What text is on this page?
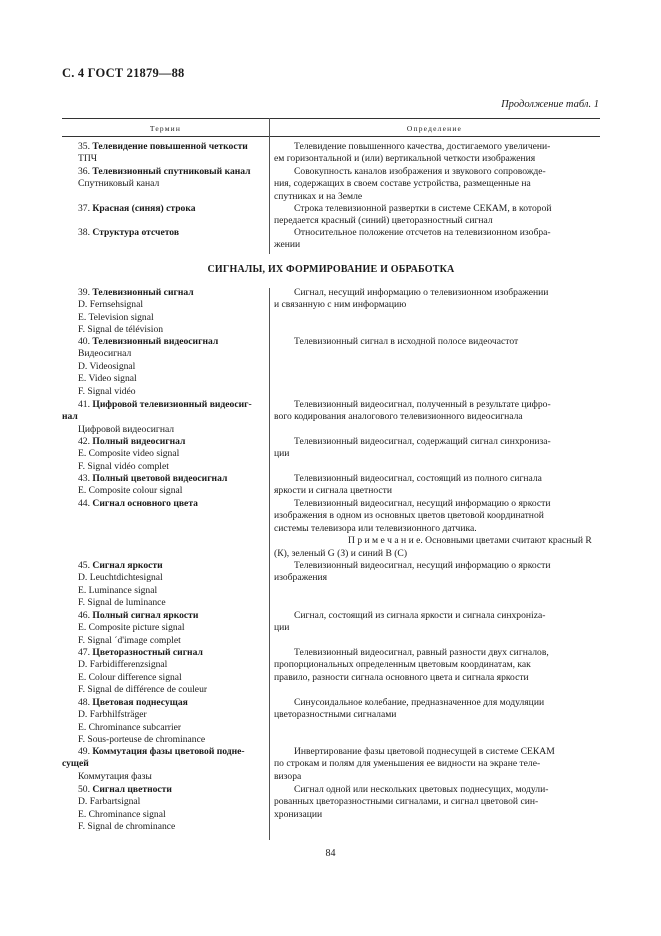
С. 4 ГОСТ 21879—88
Продолжение табл. 1
Термин	Определение
СИГНАЛЫ, ИХ ФОРМИРОВАНИЕ И ОБРАБОТКА
35. Телевидение повышенной четкости
ТПЧ
Телевидение повышенного качества, достигаемого увеличени-
ем горизонтальной и (или) вертикальной четкости изображения
36. Телевизионный спутниковый канал
Спутниковый канал
Совокупность каналов изображения и звукового сопровожде-
ния, содержащих в своем составе устройства, размещенные на
спутниках и на Земле
37. Красная (синяя) строка	Строка телевизионной развертки в системе СЕКАМ, в которой
передается красный (синий) цветоразностный сигнал
38. Структура отсчетов	Относительное положение отсчетов на телевизионном изобра-
жении
39. Телевизионный сигнал
D. Fernsehsignal
E. Television signal
F. Signal de télévision
Сигнал, несущий информацию о телевизионном изображении
и связанную с ним информацию
40. Телевизионный видеосигнал
Видеосигнал
D. Videosignal
E. Video signal
F. Signal vidéo
Телевизионный сигнал в исходной полосе видеочастот
41. Цифровой телевизионный видеосиг-
нал
Цифровой видеосигнал
Телевизионный видеосигнал, полученный в результате цифро-
вого кодирования аналогового телевизионного видеосигнала
42. Полный видеосигнал
E. Composite video signal
F. Signal vidéo complet
Телевизионный видеосигнал, содержащий сигнал синхрониза-
ции
43. Полный цветовой видеосигнал
E. Composite colour signal
Телевизионный видеосигнал, состоящий из полного сигнала
яркости и сигнала цветности
44. Сигнал основного цвета	Телевизионный видеосигнал, несущий информацию о яркости
изображения в одном из основных цветов цветовой координатной
системы телевизора или телевизионного датчика.
П р и м е ч а н и е. Основными цветами считают красный R
(К), зеленый G (З) и синий В (С)
45. Сигнал яркости
D. Leuchtdichtesignal
E. Luminance signal
F. Signal de luminance
Телевизионный видеосигнал, несущий информацию о яркости
изображения
46. Полный сигнал яркости
E. Composite picture signal
F. Signal ´d'image complet
Сигнал, состоящий из сигнала яркости и сигнала синхронiza-
ции
47. Цветоразностный сигнал
D. Farbidifferenzsignal
E. Colour difference signal
F. Signal de différence de couleur
Телевизионный видеосигнал, равный разности двух сигналов,
пропорциональных определенным цветовым координатам, как
правило, разности сигнала основного цвета и сигнала яркости
48. Цветовая поднесущая
D. Farbhilfsträger
E. Chrominance subcarrier
F. Sous-porteuse de chrominance
Синусоидальное колебание, предназначенное для модуляции
цветоразностными сигналами
49. Коммутация фазы цветовой подне-
сущей
Коммутация фазы
Инвертирование фазы цветовой поднесущей в системе СЕКАМ
по строкам и полям для уменьшения ее видности на экране теле-
визора
50. Сигнал цветности
D. Farbartsignal
E. Chrominance signal
F. Signal de chrominance
Сигнал одной или нескольких цветовых поднесущих, модули-
рованных цветоразностными сигналами, и сигнал цветовой син-
хронизации
84
